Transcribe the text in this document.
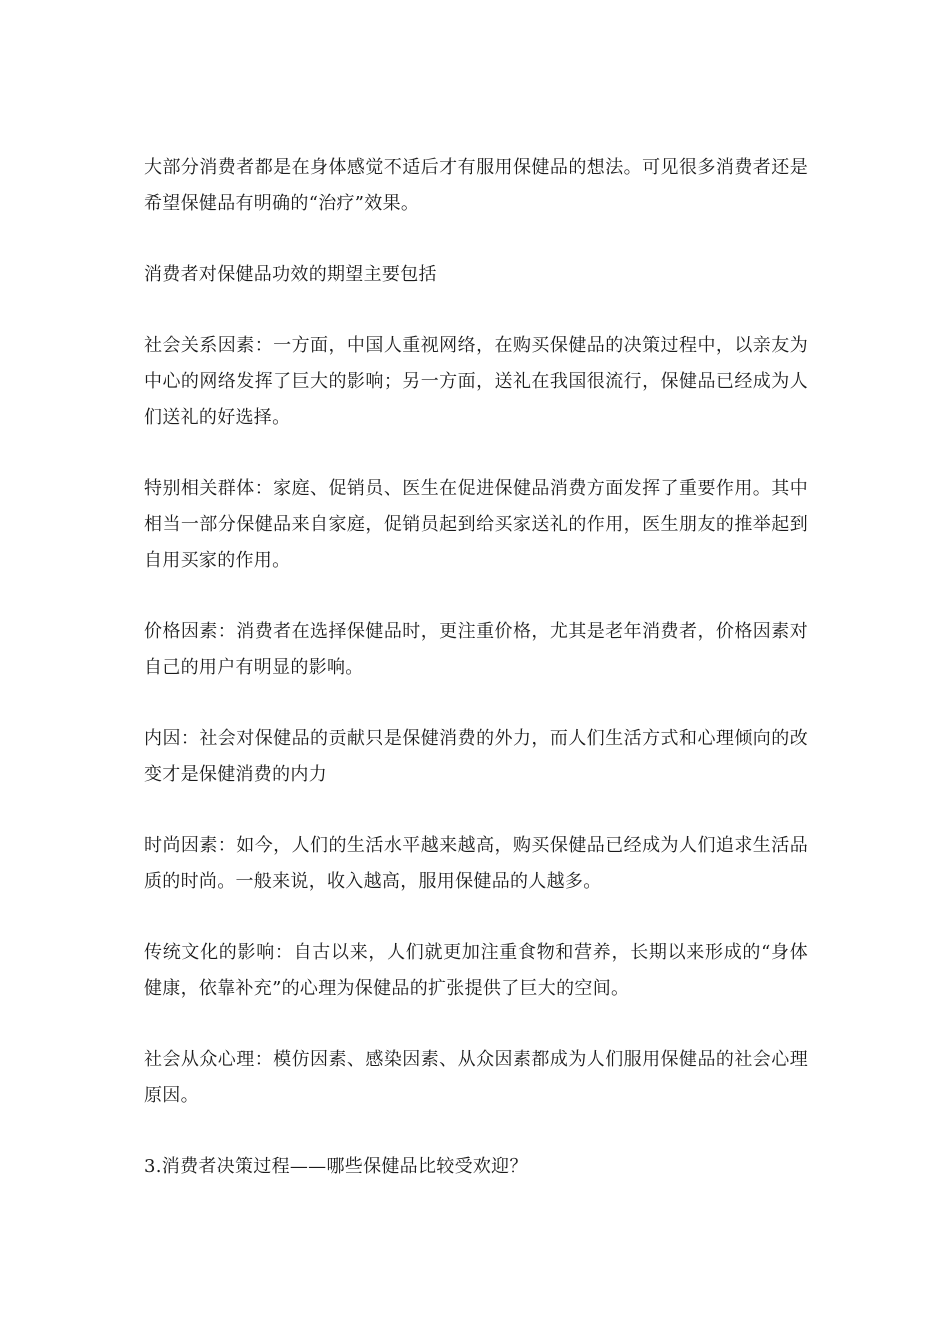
大部分消费者都是在身体感觉不适后才有服用保健品的想法。可见很多消费者还是希望保健品有明确的“治疗”效果。

消费者对保健品功效的期望主要包括

社会关系因素：一方面，中国人重视网络，在购买保健品的决策过程中，以亲友为中心的网络发挥了巨大的影响；另一方面，送礼在我国很流行，保健品已经成为人们送礼的好选择。

特别相关群体：家庭、促销员、医生在促进保健品消费方面发挥了重要作用。其中相当一部分保健品来自家庭，促销员起到给买家送礼的作用，医生朋友的推举起到自用买家的作用。

价格因素：消费者在选择保健品时，更注重价格，尤其是老年消费者，价格因素对自己的用户有明显的影响。

内因：社会对保健品的贡献只是保健消费的外力，而人们生活方式和心理倾向的改变才是保健消费的内力

时尚因素：如今，人们的生活水平越来越高，购买保健品已经成为人们追求生活品质的时尚。一般来说，收入越高，服用保健品的人越多。

传统文化的影响：自古以来，人们就更加注重食物和营养，长期以来形成的“身体健康，依靠补充”的心理为保健品的扩张提供了巨大的空间。

社会从众心理：模仿因素、感染因素、从众因素都成为人们服用保健品的社会心理原因。

3.消费者决策过程——哪些保健品比较受欢迎？
